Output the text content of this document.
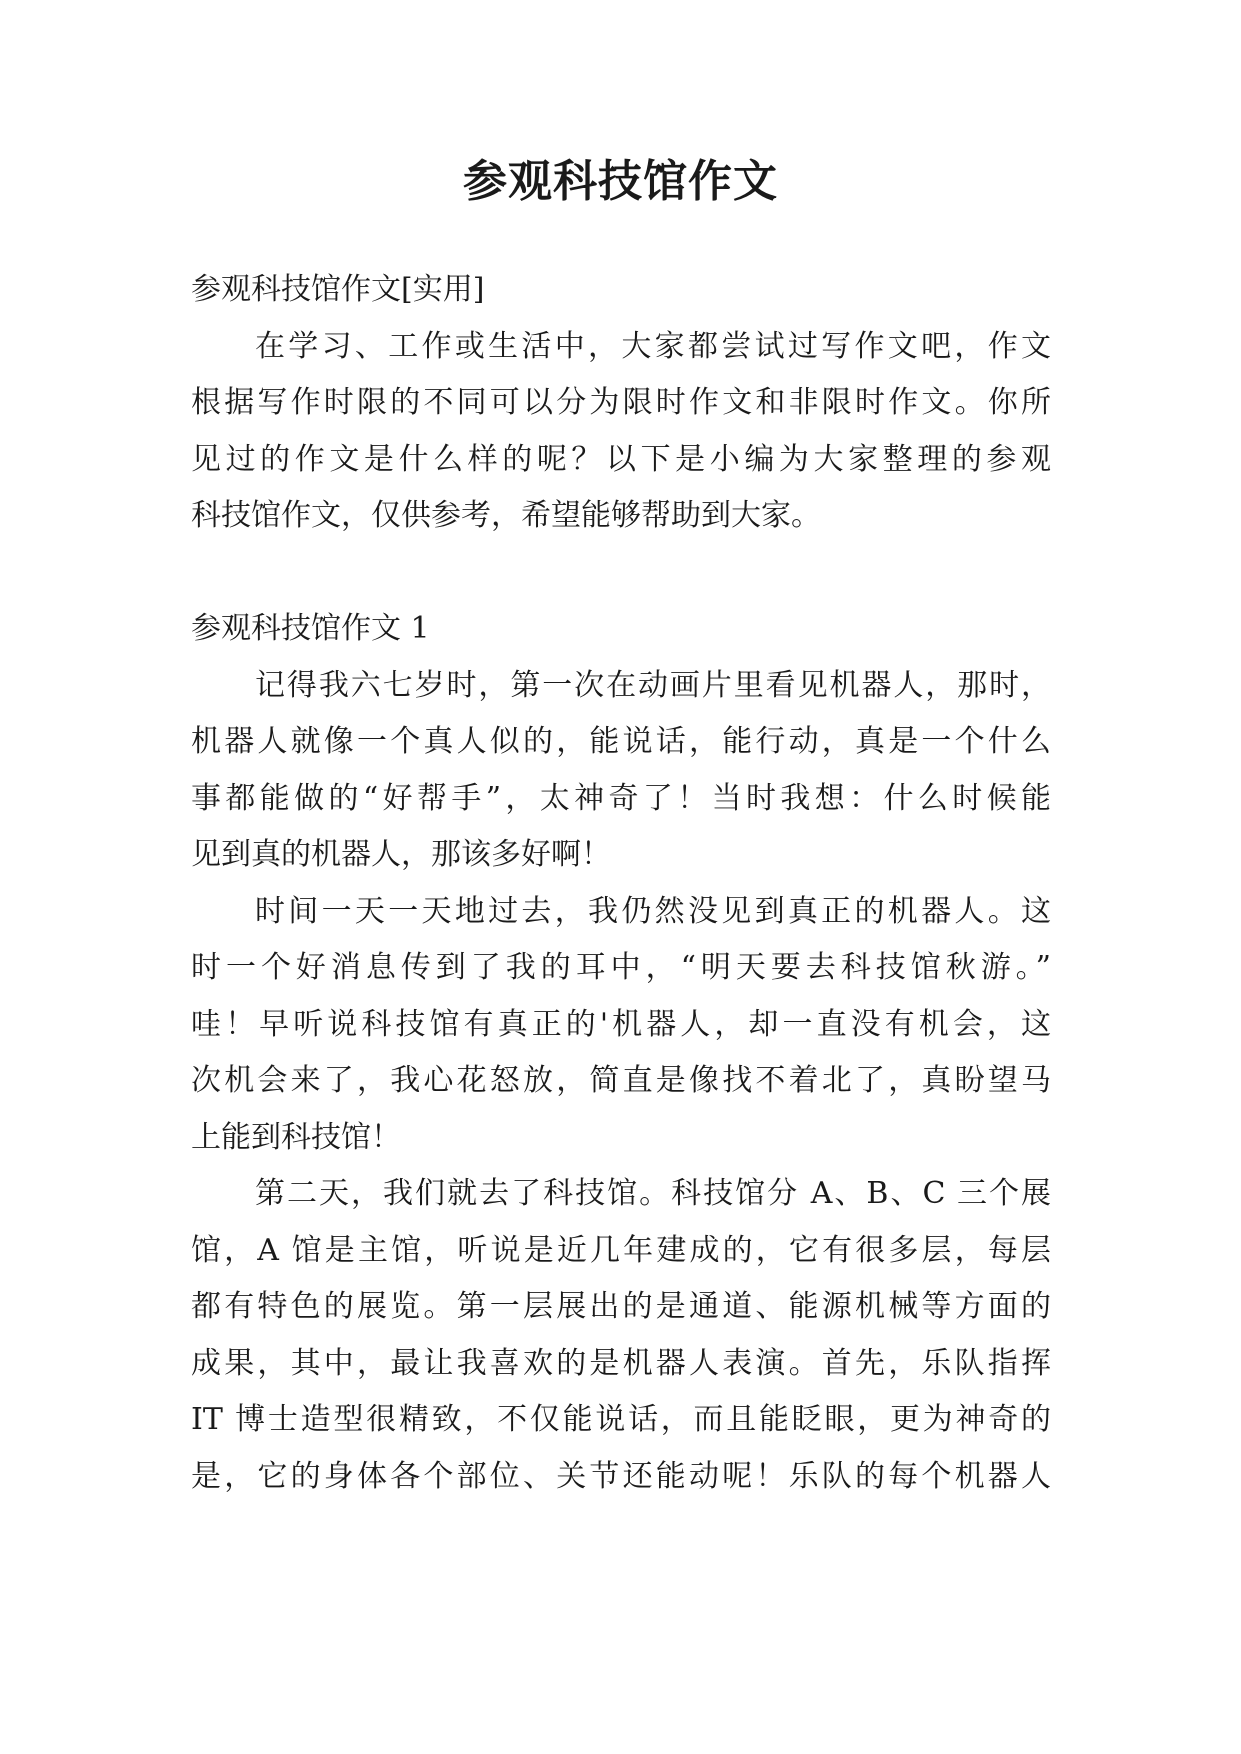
参观科技馆作文
参观科技馆作文[实用]
在学习、工作或生活中，大家都尝试过写作文吧，作文
根据写作时限的不同可以分为限时作文和非限时作文。你所
见过的作文是什么样的呢？以下是小编为大家整理的参观
科技馆作文，仅供参考，希望能够帮助到大家。
参观科技馆作文 1
记得我六七岁时，第一次在动画片里看见机器人，那时，
机器人就像一个真人似的，能说话，能行动，真是一个什么
事都能做的“好帮手”，太神奇了！当时我想：什么时候能
见到真的机器人，那该多好啊！
时间一天一天地过去，我仍然没见到真正的机器人。这
时一个好消息传到了我的耳中，“明天要去科技馆秋游。”
哇！早听说科技馆有真正的'机器人，却一直没有机会，这
次机会来了，我心花怒放，简直是像找不着北了，真盼望马
上能到科技馆！
第二天，我们就去了科技馆。科技馆分 A、B、C 三个展
馆，A 馆是主馆，听说是近几年建成的，它有很多层，每层
都有特色的展览。第一层展出的是通道、能源机械等方面的
成果，其中，最让我喜欢的是机器人表演。首先，乐队指挥
IT 博士造型很精致，不仅能说话，而且能眨眼，更为神奇的
是，它的身体各个部位、关节还能动呢！乐队的每个机器人
